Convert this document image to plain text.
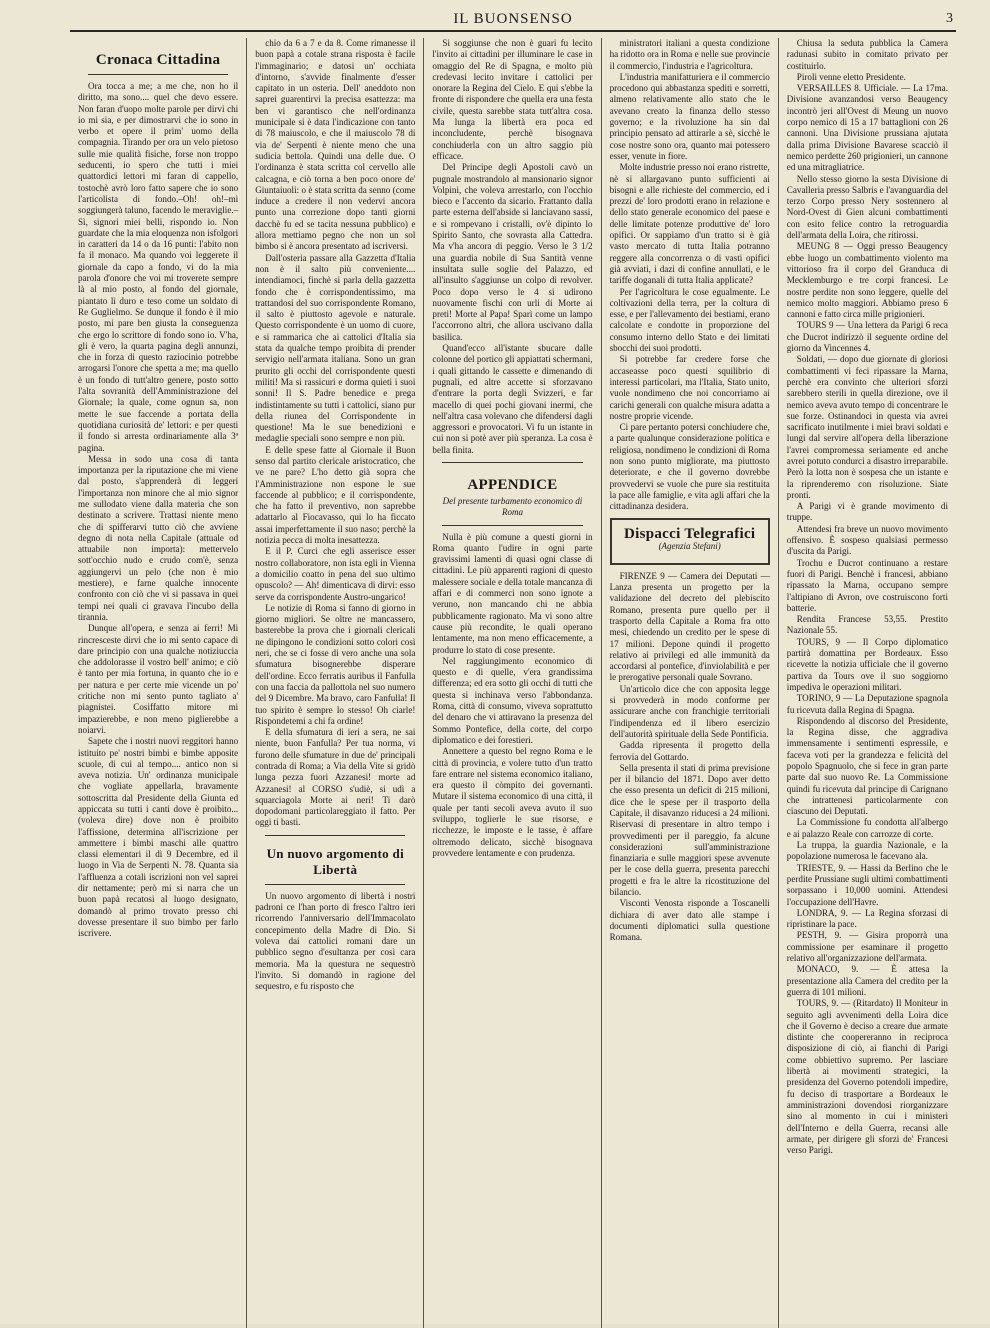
IL BUONSENSO	3
Cronaca Cittadina

Ora tocca a me; a me che, non ho il diritto, ma sono.... quel che devo essere. Non faran d'uopo molte parole per dirvi chi io mi sia, e per dimostrarvi che io sono in verbo et opere il prim' uomo della compagnia. Tirando per ora un velo pietoso sulle mie qualità fisiche, forse non troppo seducenti, io spero che tutti i miei quattordici lettori mi faran di cappello, tostochè avrò loro fatto sapere che io sono l'articolista di fondo.–Oh! oh!–mi soggiungerà taluno, facendo le meraviglie.–Sì, signori miei belli, rispondo io. Non guardate che la mia eloquenza non isfolgori in caratteri da 14 o da 16 punti: l'abito non fa il monaco. Ma quando voi leggerete il giornale da capo a fondo, vi do la mia parola d'onore che voi mi troverete sempre là al mio posto, al fondo del giornale, piantato lì duro e teso come un soldato di Re Guglielmo. Se dunque il fondo è il mio posto, mi pare ben giusta la conseguenza che ergo lo scrittore di fondo sono io. V'ha, gli è vero, la quarta pagina degli annunzi, che in forza di questo raziocinio potrebbe arrogarsi l'onore che spetta a me; ma quello è un fondo di tutt'altro genere, posto sotto l'alta sovranità dell'Amministrazione del Giornale; la quale, come ognun sa, non mette le sue faccende a portata della quotidiana curiosità de' lettori: e per questi il fondo si arresta ordinariamente alla 3ª pagina.

Messa in sodo una cosa di tanta importanza per la riputazione che mi viene dal posto, s'apprenderà di leggeri l'importanza non minore che al mio signor me sullodato viene dalla materia che son destinato a scrivere. Trattasi niente meno che di spifferarvi tutto ciò che avviene degno di nota nella Capitale (attuale od attuabile non importa): mettervelo sott'occhio nudo e crudo com'è, senza aggiungervi un pelo (che non è mio mestiere), e farne qualche innocente confronto con ciò che vi si passava in quei tempi nei quali ci gravava l'incubo della tirannia.

Dunque all'opera, e senza ai ferri! Mi rincresceste dirvi che io mi sento capace di dare principio con una qualche notiziuccia che addolorasse il vostro bell' animo; e ciò è tanto per mia fortuna, in quanto che io e per natura e per certe mie vicende un po' critiche non mi sento punto tagliato a' piagnistei. Cosiffatto mitore mi impazierebbe, e non meno piglierebbe a noiarvi.

Sapete che i nostri nuovi reggitori hanno istituito pe' nostri bimbi e bimbe apposite scuole, di cui al tempo.... antico non si aveva notizia. Un' ordinanza municipale che vogliate appellarla, bravamente sottoscritta dal Presidente della Giunta ed appiccata su tutti i canti dove è proibito... (voleva dire) dove non è proibito l'affissione, determina all'iscrizione per ammettere i bimbi maschi alle quattro classi elementari il dì 9 Decembre, ed il luogo in Via de Serpenti N. 78. Quanta sia l'affluenza a cotali iscrizioni non vel saprei dir nettamente; però mi si narra che un buon papà recatosi al luogo designato, domandò al primo trovato presso chi dovesse presentare il suo bimbo per farlo iscrivere.

chio da 6 a 7 e da 8. Come rimanesse il buon papà a cotale strana risposta è facile l'immaginario; e datosi un' occhiata d'intorno, s'avvide finalmente d'esser capitato in un osteria. Dell' aneddoto non saprei guarentirvi la precisa esattezza: ma ben vi garantisco che nell'ordinanza municipale si è data l'indicazione con tanto di 78 maiuscolo, e che il maiuscolo 78 di via de' Serpenti è niente meno che una sudicia bettola. Quindi una delle due. O l'ordinanza è stata scritta col cervello alle calcagna, e ciò torna a ben poco onore de' Giuntaiuoli: o è stata scritta da senno (come induce a credere il non vedervi ancora punto una correzione dopo tanti giorni dacchè fu ed se tacita nessuna pubblico) e allora mettiamo pegno che non un sol bimbo si è ancora presentato ad iscriversi.

Dall'osteria passare alla Gazzetta d'Italia non è il salto più conveniente.... intendiamoci, finchè si parla della gazzetta fondo che è corrispondentissimo, ma trattandosi del suo corrispondente Romano, il salto è piuttosto agevole e naturale. Questo corrispondente è un uomo di cuore, e si rammarica che ai cattolici d'Italia sia stata da qualche tempo proibita di prender servigio nell'armata italiana. Sono un gran prurito gli occhi del corrispondente questi militi! Ma si rassicuri e dorma quieti i suoi sonni! Il S. Padre benedice e prega indistintamente su tutti i cattolici, siano pur della riunea del Corrispondente in questione! Ma le sue benedizioni e medaglie speciali sono sempre e non più.

E delle spese fatte al Giornale il Buon senso dal partito clericale aristocratico, che ve ne pare? L'ho detto già sopra che l'Amministrazione non espone le sue faccende al pubblico; e il corrispondente, che ha fatto il preventivo, non saprebbe adattarlo al Fiocavasso, qui lo ha ficcato assai imperfettamente il suo naso; perchè la notizia pecca di molta inesattezza.

E il P. Curci che egli asserisce esser nostro collaboratore, non ista egli in Vienna a domicilio coatto in pena del suo ultimo opuscolo? — Ah! dimenticava di dirvi: esso serve da corrispondente Austro-ungarico!

Le notizie di Roma si fanno di giorno in giorno migliori. Se oltre ne mancassero, basterebbe la prova che i giornali clericali ne dipingono le condizioni sotto colori così neri, che se ci fosse di vero anche una sola sfumatura bisognerebbe disperare dell'ordine. Ecco ferratis auribus il Fanfulla con una faccia da pallottola nel suo numero del 9 Dicembre. Ma bravo, caro Fanfulla! Il tuo spirito è sempre lo stesso! Oh ciarle! Rispondetemi a chi fa ordine!

E della sfumatura di ieri a sera, ne sai niente, buon Fanfulla? Per tua norma, vi furono delle sfumature in due de' principali contrada di Roma; a Via della Vite si gridò lunga pezza fuori Azzanesi! morte ad Azzanesi! al CORSO s'udiè, si udì a squarciagola Morte ai neri! Ti darò dopodomani particolareggiato il fatto. Per oggi ti basti.

Un nuovo argomento di Libertà

Un nuovo argomento di libertà i nostri padroni ce l'han porto di fresco l'altro ieri ricorrendo l'anniversario dell'Immacolato concepimento della Madre di Dio. Si voleva dai cattolici romani dare un pubblico segno d'esultanza per così cara memoria. Ma la questura ne sequestrò l'invito. Si domandò in ragione del sequestro, e fu risposto che

Si soggiunse che non è guari fu lecito l'invito ai cittadini per illuminare le case in omaggio del Re di Spagna, e molto più credevasi lecito invitare i cattolici per onorare la Regina del Cielo. E qui s'ebbe la fronte di rispondere che quella era una festa civile, questa sarebbe stata tutt'altra cosa. Ma lunga la libertà era poca ed inconcludente, perchè bisognava conchiuderla con un altro saggio più efficace.

Del Principe degli Apostoli cavò un pugnale mostrandolo al mansionario signor Volpini, che voleva arrestarlo, con l'occhio bieco e l'accento da sicario. Frattanto dalla parte esterna dell'abside si lanciavano sassi, e si rompevano i cristalli, ov'è dipinto lo Spirito Santo, che sovrasta alla Cattedra. Ma v'ha ancora di peggio. Verso le 3 1/2 una guardia nobile di Sua Santità venne insultata sulle soglie del Palazzo, ed all'insulto s'aggiunse un colpo di revolver. Poco dopo verso le 4 si udirono nuovamente fischi con urli di Morte ai preti! Morte al Papa! Sparì come un lampo l'accorrono altri, che allora uscivano dalla basilica.

Quand'ecco all'istante sbucare dalle colonne del portico gli appiattati schermani, i quali gittando le cassette e dimenando di pugnali, ed altre accette si sforzavano d'entrare la porta degli Svizzeri, e far macello di quei pochi giovani inermi, che nell'altra casa volevano che difendersi dagli aggressori e provocatori. Vi fu un istante in cui non si potè aver più speranza. La cosa è bella finita.

APPENDICE
Del presente turbamento economico di Roma

Nulla è più comune a questi giorni in Roma quanto l'udire in ogni parte gravissimi lamenti di quasi ogni classe di cittadini. Le più apparenti ragioni di questo malessere sociale e della totale mancanza di affari e di commerci non sono ignote a veruno, non mancando chi ne abbia pubblicamente ragionato. Ma vi sono altre cause più recondite, le quali operano lentamente, ma non meno efficacemente, a produrre lo stato di cose presente.

Nel raggiungimento economico di questo e di quelle, v'era grandissima differenza; ed era sotto gli occhi di tutti che questa si inchinava verso l'abbondanza. Roma, città di consumo, viveva soprattutto del denaro che vi attiravano la presenza del Sommo Pontefice, della corte, del corpo diplomatico e dei forestieri.

Annettere a questo bel regno Roma e le città di provincia, e volere tutto d'un tratto fare entrare nel sistema economico italiano, era questo il còmpito dei governanti. Mutare il sistema economico di una città, il quale per tanti secoli aveva avuto il suo sviluppo, toglierle le sue risorse, e ricchezze, le imposte e le tasse, è affare oltremodo delicato, sicchè bisognava provvedere lentamente e con prudenza.

ministratori italiani a questa condizione ha ridotto ora in Roma e nelle sue provincie il commercio, l'industria e l'agricoltura.

L'industria manifatturiera e il commercio procedono qui abbastanza spediti e sorretti, almeno relativamente allo stato che le avevano creato la finanza dello stesso governo; e la rivoluzione ha sin dal principio pensato ad attirarle a sè, sicchè le cose nostre sono ora, quanto mai potessero esser, venute in fiore.

Molte industrie presso noi erano ristrette, nè si allargavano punto sufficienti ai bisogni e alle richieste del commercio, ed i prezzi de' loro prodotti erano in relazione e dello stato generale economico del paese e delle limitate potenze produttive de' loro opifici. Or sappiamo d'un tratto si è già vasto mercato di tutta Italia potranno reggere alla concorrenza o di vasti opifici già avviati, i dazi di confine annullati, e le tariffe doganali di tutta Italia applicate?

Per l'agricoltura le cose egualmente. Le coltivazioni della terra, per la coltura di esse, e per l'allevamento dei bestiami, erano calcolate e condotte in proporzione del consumo interno dello Stato e dei limitati sbocchi dei suoi prodotti.

Si potrebbe far credere forse che accaseasse poco questi squilibrio di interessi particolari, ma l'Italia, Stato unito, vuole nondimeno che noi concorriamo ai carichi generali con qualche misura adatta a nostre proprie vicende.

Ci pare pertanto potersi conchiudere che, a parte qualunque considerazione politica e religiosa, nondimeno le condizioni di Roma non sono punto migliorate, ma piuttosto deteriorate, e che il governo dovrebbe provvedervi se vuole che pure sia restituita la pace alle famiglie, e vita agli affari che la cittadinanza desidera.

Dispacci Telegrafici
(Agenzia Stefani)

FIRENZE 9 — Camera dei Deputati — Lanza presenta un progetto per la validazione del decreto del plebiscito Romano, presenta pure quello per il trasporto della Capitale a Roma fra otto mesi, chiedendo un credito per le spese di 17 milioni. Depone quindi il progetto relativo ai privilegi ed alle immunità da accordarsi al pontefice, d'inviolabilità e per le prerogative personali quale Sovrano.

Un'articolo dice che con apposita legge si provvederà in modo conforme per assicurare anche con franchigie territoriali l'indipendenza ed il libero esercizio dell'autorità spirituale della Sede Pontificia.

Gadda ripresenta il progetto della ferrovia del Gottardo.

Sella presenta il stati di prima previsione per il bilancio del 1871. Dopo aver detto che esso presenta un deficit di 215 milioni, dice che le spese per il trasporto della Capitale, il disavanzo riducesi a 24 milioni. Riservasi di presentare in altro tempo i provvedimenti per il pareggio, fa alcune considerazioni sull'amministrazione finanziaria e sulle maggiori spese avvenute per le cose della guerra, presenta parecchi progetti e fra le altre la ricostituzione del bilancio.

Visconti Venosta risponde a Toscanelli dichiara di aver dato alle stampe i documenti diplomatici sulla questione Romana.

Chiusa la seduta pubblica la Camera radunasi subito in comitato privato per costituirlo.

Piroli venne eletto Presidente.

VERSAILLES 8. Ufficiale. — La 17ma. Divisione avanzandosi verso Beaugency incontrò jeri all'Ovest di Meung un nuovo corpo nemico di 15 a 17 battaglioni con 26 cannoni. Una Divisione prussiana ajutata dalla prima Divisione Bavarese scacciò il nemico perdette 260 prigionieri, un cannone ed una mitragliatrice.

Nello stesso giorno la sesta Divisione di Cavalleria presso Salbris e l'avanguardia del terzo Corpo presso Nery sostennero al Nord-Ovest di Gien alcuni combattimenti con esito felice contro la retroguardia dell'armata della Loira, che ritirossi.

MEUNG 8 — Oggi presso Beaugency ebbe luogo un combattimento violento ma vittorioso fra il corpo del Granduca di Mecklemburgo e tre corpi francesi. Le nostre perdite non sono leggere, quelle del nemico molto maggiori. Abbiamo preso 6 cannoni e fatto circa mille prigionieri.

TOURS 9 — Una lettera da Parigi 6 reca che Ducrot indirizzò il seguente ordine del giorno da Vincennes 4.

Soldati, — dopo due giornate di gloriosi combattimenti vi feci ripassare la Marna, perchè era convinto che ulteriori sforzi sarebbero sterili in quella direzione, ove il nemico aveva avuto tempo di concentrare le sue forze. Ostinandoci in questa via avrei sacrificato inutilmente i miei bravi soldati e lungi dal servire all'opera della liberazione l'avrei compromessa seriamente ed anche avrei potuto condurci a disastro irreparabile. Però la lotta non è sospesa che un istante e la riprenderemo con risoluzione. Siate pronti.

A Parigi vi è grande movimento di truppe.

Attendesi fra breve un nuovo movimento offensivo. È sospeso qualsiasi permesso d'uscita da Parigi.

Trochu e Ducrot continuano a restare fuori di Parigi. Benchè i francesi, abbiano ripassato la Marna, occupano sempre l'altipiano di Avron, ove costruiscono forti batterie.

Rendita Francese 53,55. Prestito Nazionale 55.

TOURS, 9 — Il Corpo diplomatico partirà domattina per Bordeaux. Esso ricevette la notizia ufficiale che il governo partiva da Tours ove il suo soggiorno impediva le operazioni militari.

TORINO, 9 — La Deputazione spagnola fu ricevuta dalla Regina di Spagna.

Rispondendo al discorso del Presidente, la Regina disse, che aggradiva immensamente i sentimenti espressile, e faceva voti per la grandezza e felicità del popolo Spagnuolo, che si fece in gran parte parte dal suo nuovo Re. La Commissione quindi fu ricevuta dal principe di Carignano che intrattenesi particolarmente con ciascuno dei Deputati.

La Commissione fu condotta all'albergo e ai palazzo Reale con carrozze di corte.

La truppa, la guardia Nazionale, e la popolazione numerosa le facevano ala.

TRIESTE, 9. — Hassi da Berlino che le perdite Prussiane sugli ultimi combattimenti sorpassano i 10,000 uomini. Attendesi l'occupazione dell'Havre.

LONDRA, 9. — La Regina sforzasi di ripristinare la pace.

PESTH, 9. — Gisira proporrà una commissione per esaminare il progetto relativo all'organizzazione dell'armata.

MONACO, 9. — È attesa la presentazione alla Camera del credito per la guerra di 101 milioni.

TOURS, 9. — (Ritardato) Il Moniteur in seguito agli avvenimenti della Loira dice che il Governo è deciso a creare due armate distinte che coopereranno in reciproca disposizione di ciò, ai fianchi di Parigi come obbiettivo supremo. Per lasciare libertà ai movimenti strategici, la presidenza del Governo potendoli impedire, fu deciso di trasportare a Bordeaux le amministrazioni dovendosi riorganizzare sino al momento in cui i ministeri dell'Interno e della Guerra, recansi alle armate, per dirigere gli sforzi de' Francesi verso Parigi.
